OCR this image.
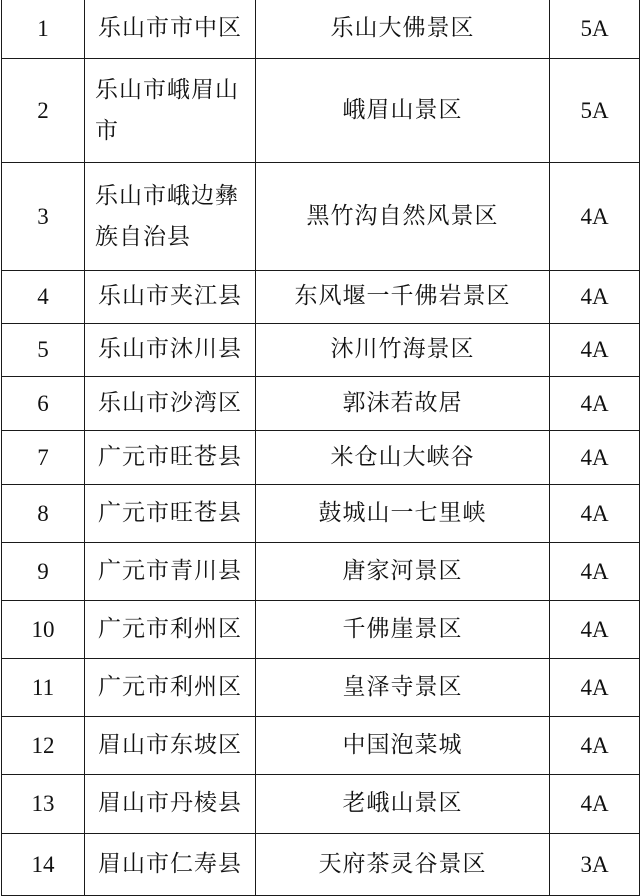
1	乐山市市中区	乐山大佛景区	5A	
2	乐山市峨眉山市	峨眉山景区	5A	
3	乐山市峨边彝族自治县	黑竹沟自然风景区	4A	
4	乐山市夹江县	东风堰一千佛岩景区	4A	
5	乐山市沐川县	沐川竹海景区	4A	
6	乐山市沙湾区	郭沫若故居	4A	
7	广元市旺苍县	米仓山大峡谷	4A	
8	广元市旺苍县	鼓城山一七里峡	4A	
9	广元市青川县	唐家河景区	4A	
10	广元市利州区	千佛崖景区	4A	
11	广元市利州区	皇泽寺景区	4A	
12	眉山市东坡区	中国泡菜城	4A	
13	眉山市丹棱县	老峨山景区	4A	
14	眉山市仁寿县	天府茶灵谷景区	3A	
